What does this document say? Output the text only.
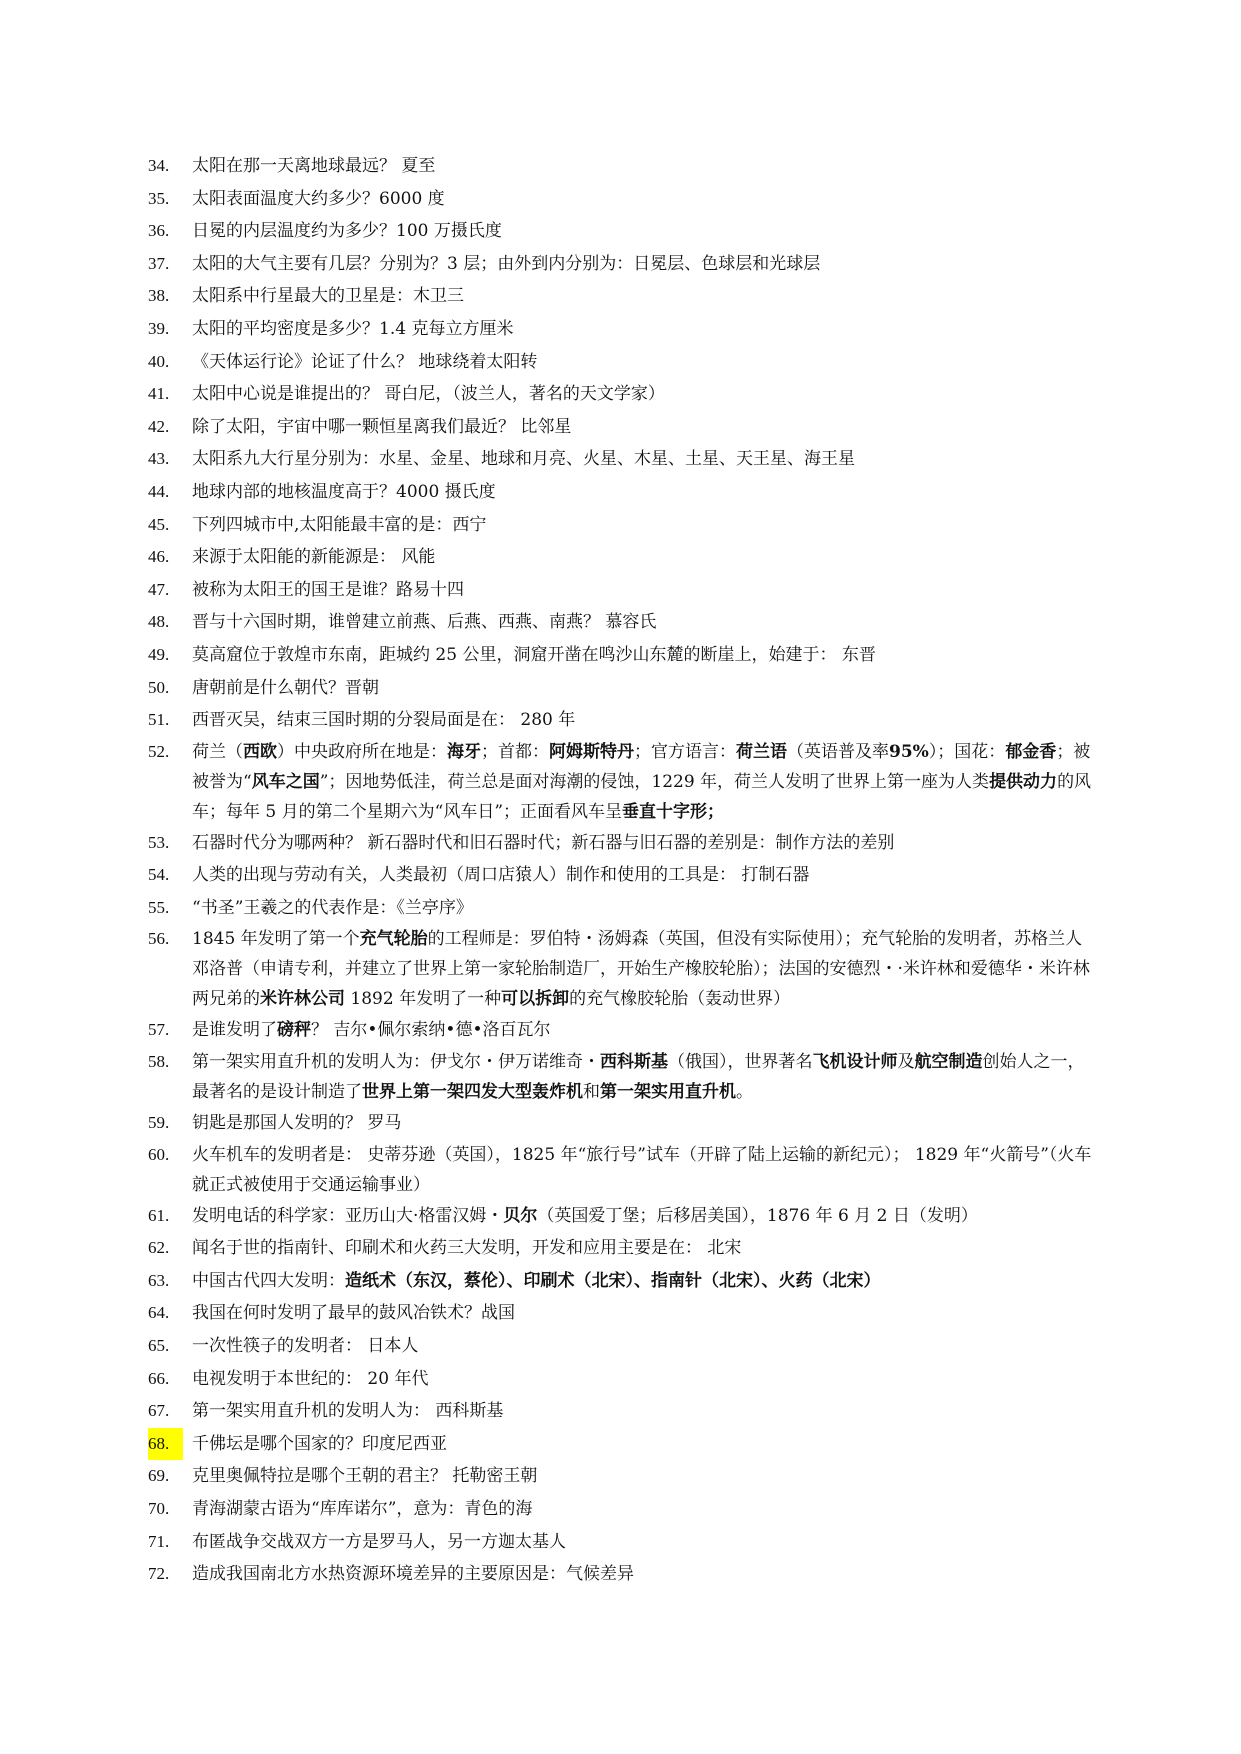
34. 太阳在那一天离地球最远？ 夏至
35. 太阳表面温度大约多少？6000 度
36. 日冕的内层温度约为多少？100 万摄氏度
37. 太阳的大气主要有几层？分别为？3 层；由外到内分别为：日冕层、色球层和光球层
38. 太阳系中行星最大的卫星是：木卫三
39. 太阳的平均密度是多少？1.4 克每立方厘米
40. 《天体运行论》论证了什么？ 地球绕着太阳转
41. 太阳中心说是谁提出的？ 哥白尼，（波兰人，著名的天文学家）
42. 除了太阳，宇宙中哪一颗恒星离我们最近？ 比邻星
43. 太阳系九大行星分别为：水星、金星、地球和月亮、火星、木星、土星、天王星、海王星
44. 地球内部的地核温度高于？4000 摄氏度
45. 下列四城市中,太阳能最丰富的是：西宁
46. 来源于太阳能的新能源是： 风能
47. 被称为太阳王的国王是谁？路易十四
48. 晋与十六国时期，谁曾建立前燕、后燕、西燕、南燕？ 慕容氏
49. 莫高窟位于敦煌市东南，距城约 25 公里，洞窟开凿在鸣沙山东麓的断崖上，始建于： 东晋
50. 唐朝前是什么朝代？晋朝
51. 西晋灭吴，结束三国时期的分裂局面是在： 280 年
52. 荷兰（西欧）中央政府所在地是：海牙；首都：阿姆斯特丹；官方语言：荷兰语（英语普及率95%）；国花：郁金香；被被誉为“风车之国”；因地势低洼，荷兰总是面对海潮的侵蚀，1229 年，荷兰人发明了世界上第一座为人类提供动力的风车；每年 5 月的第二个星期六为“风车日”；正面看风车呈垂直十字形；
53. 石器时代分为哪两种？ 新石器时代和旧石器时代；新石器与旧石器的差别是：制作方法的差别
54. 人类的出现与劳动有关，人类最初（周口店猿人）制作和使用的工具是： 打制石器
55. “书圣”王羲之的代表作是：《兰亭序》
56. 1845 年发明了第一个充气轮胎的工程师是：罗伯特・汤姆森（英国，但没有实际使用）；充气轮胎的发明者，苏格兰人邓洛普（申请专利，并建立了世界上第一家轮胎制造厂，开始生产橡胶轮胎）；法国的安德烈・·米许林和爱德华・米许林两兄弟的米许林公司 1892 年发明了一种可以拆卸的充气橡胶轮胎（轰动世界）
57. 是谁发明了磅秤？ 吉尔•佩尔索纳•德•洛百瓦尔
58. 第一架实用直升机的发明人为：伊戈尔・伊万诺维奇・西科斯基（俄国），世界著名飞机设计师及航空制造创始人之一，最著名的是设计制造了世界上第一架四发大型轰炸机和第一架实用直升机。
59. 钥匙是那国人发明的？ 罗马
60. 火车机车的发明者是： 史蒂芬逊（英国），1825 年“旅行号”试车（开辟了陆上运输的新纪元）； 1829 年“火箭号”（火车就正式被使用于交通运输事业）
61. 发明电话的科学家：亚历山大·格雷汉姆・贝尔（英国爱丁堡；后移居美国），1876 年 6 月 2 日（发明）
62. 闻名于世的指南针、印刷术和火药三大发明，开发和应用主要是在： 北宋
63. 中国古代四大发明：造纸术（东汉，蔡伦）、印刷术（北宋）、指南针（北宋）、火药（北宋）
64. 我国在何时发明了最早的鼓风冶铁术？战国
65. 一次性筷子的发明者： 日本人
66. 电视发明于本世纪的： 20 年代
67. 第一架实用直升机的发明人为： 西科斯基
68.	千佛坛是哪个国家的？印度尼西亚
69. 克里奥佩特拉是哪个王朝的君主？ 托勒密王朝
70. 青海湖蒙古语为“库库诺尔”，意为：青色的海
71. 布匿战争交战双方一方是罗马人，另一方迦太基人
72. 造成我国南北方水热资源环境差异的主要原因是：气候差异
